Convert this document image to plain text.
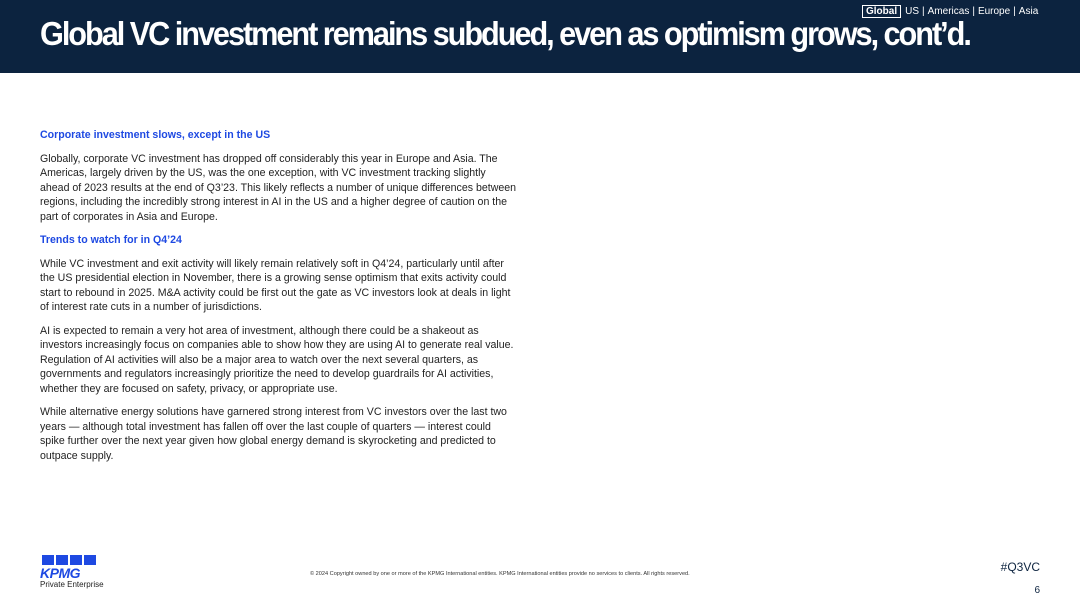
Global VC investment remains subdued, even as optimism grows, cont’d.
Global US | Americas | Europe | Asia
Corporate investment slows, except in the US

Globally, corporate VC investment has dropped off considerably this year in Europe and Asia. The Americas, largely driven by the US, was the one exception, with VC investment tracking slightly ahead of 2023 results at the end of Q3’23. This likely reflects a number of unique differences between regions, including the incredibly strong interest in AI in the US and a higher degree of caution on the part of corporates in Asia and Europe.

Trends to watch for in Q4’24

While VC investment and exit activity will likely remain relatively soft in Q4’24, particularly until after the US presidential election in November, there is a growing sense optimism that exits activity could start to rebound in 2025. M&A activity could be first out the gate as VC investors look at deals in light of interest rate cuts in a number of jurisdictions.

AI is expected to remain a very hot area of investment, although there could be a shakeout as investors increasingly focus on companies able to show how they are using AI to generate real value. Regulation of AI activities will also be a major area to watch over the next several quarters, as governments and regulators increasingly prioritize the need to develop guardrails for AI activities, whether they are focused on safety, privacy, or appropriate use.

While alternative energy solutions have garnered strong interest from VC investors over the last two years — although total investment has fallen off over the last couple of quarters — interest could spike further over the next year given how global energy demand is skyrocketing and predicted to outpace supply.

KPMG
Private Enterprise
© 2024 Copyright owned by one or more of the KPMG International entities. KPMG International entities provide no services to clients. All rights reserved.	#Q3VC
6
